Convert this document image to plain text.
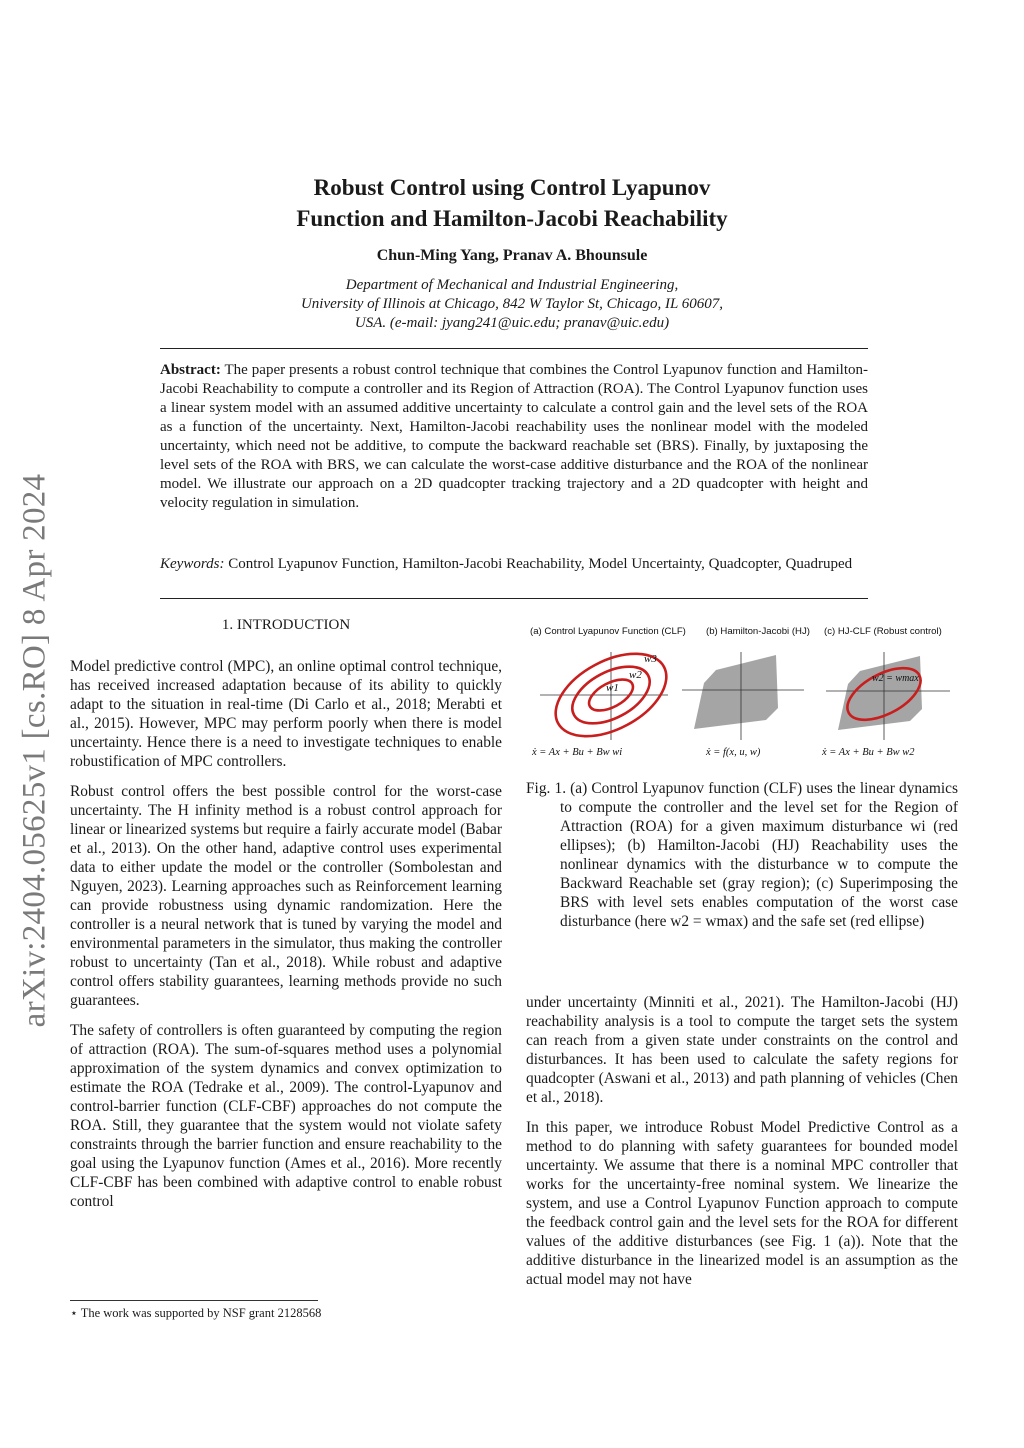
arXiv:2404.05625v1 [cs.RO] 8 Apr 2024
Robust Control using Control Lyapunov
Function and Hamilton-Jacobi Reachability

Chun-Ming Yang, Pranav A. Bhounsule

Department of Mechanical and Industrial Engineering,
University of Illinois at Chicago, 842 W Taylor St, Chicago, IL 60607,
USA. (e-mail: jyang241@uic.edu; pranav@uic.edu)

Abstract: The paper presents a robust control technique that combines the Control Lyapunov function and Hamilton-Jacobi Reachability to compute a controller and its Region of Attraction (ROA). The Control Lyapunov function uses a linear system model with an assumed additive uncertainty to calculate a control gain and the level sets of the ROA as a function of the uncertainty. Next, Hamilton-Jacobi reachability uses the nonlinear model with the modeled uncertainty, which need not be additive, to compute the backward reachable set (BRS). Finally, by juxtaposing the level sets of the ROA with BRS, we can calculate the worst-case additive disturbance and the ROA of the nonlinear model. We illustrate our approach on a 2D quadcopter tracking trajectory and a 2D quadcopter with height and velocity regulation in simulation.

Keywords: Control Lyapunov Function, Hamilton-Jacobi Reachability, Model Uncertainty, Quadcopter, Quadruped

1. INTRODUCTION

Model predictive control (MPC), an online optimal control technique, has received increased adaptation because of its ability to quickly adapt to the situation in real-time (Di Carlo et al., 2018; Merabti et al., 2015). However, MPC may perform poorly when there is model uncertainty. Hence there is a need to investigate techniques to enable robustification of MPC controllers.

Robust control offers the best possible control for the worst-case uncertainty. The H infinity method is a robust control approach for linear or linearized systems but require a fairly accurate model (Babar et al., 2013). On the other hand, adaptive control uses experimental data to either update the model or the controller (Sombolestan and Nguyen, 2023). Learning approaches such as Reinforcement learning can provide robustness using dynamic randomization. Here the controller is a neural network that is tuned by varying the model and environmental parameters in the simulator, thus making the controller robust to uncertainty (Tan et al., 2018). While robust and adaptive control offers stability guarantees, learning methods provide no such guarantees.

The safety of controllers is often guaranteed by computing the region of attraction (ROA). The sum-of-squares method uses a polynomial approximation of the system dynamics and convex optimization to estimate the ROA (Tedrake et al., 2009). The control-Lyapunov and control-barrier function (CLF-CBF) approaches do not compute the ROA. Still, they guarantee that the system would not violate safety constraints through the barrier function and ensure reachability to the goal using the Lyapunov function (Ames et al., 2016). More recently CLF-CBF has been combined with adaptive control to enable robust control

(a) Control Lyapunov Function (CLF) (b) Hamilton-Jacobi (HJ) (c) HJ-CLF (Robust control)
w1
w2
w3
ẋ = Ax + Bu + Bw wi	ẋ = f(x, u, w)
w2 = wmax
ẋ = Ax + Bu + Bw w2

Fig. 1. (a) Control Lyapunov function (CLF) uses the linear dynamics to compute the controller and the level set for the Region of Attraction (ROA) for a given maximum disturbance wi (red ellipses); (b) Hamilton-Jacobi (HJ) Reachability uses the nonlinear dynamics with the disturbance w to compute the Backward Reachable set (gray region); (c) Superimposing the BRS with level sets enables computation of the worst case disturbance (here w2 = wmax) and the safe set (red ellipse)

under uncertainty (Minniti et al., 2021). The Hamilton-Jacobi (HJ) reachability analysis is a tool to compute the target sets the system can reach from a given state under constraints on the control and disturbances. It has been used to calculate the safety regions for quadcopter (Aswani et al., 2013) and path planning of vehicles (Chen et al., 2018).

In this paper, we introduce Robust Model Predictive Control as a method to do planning with safety guarantees for bounded model uncertainty. We assume that there is a nominal MPC controller that works for the uncertainty-free nominal system. We linearize the system, and use a Control Lyapunov Function approach to compute the feedback control gain and the level sets for the ROA for different values of the additive disturbances (see Fig. 1 (a)). Note that the additive disturbance in the linearized model is an assumption as the actual model may not have

⋆ The work was supported by NSF grant 2128568
